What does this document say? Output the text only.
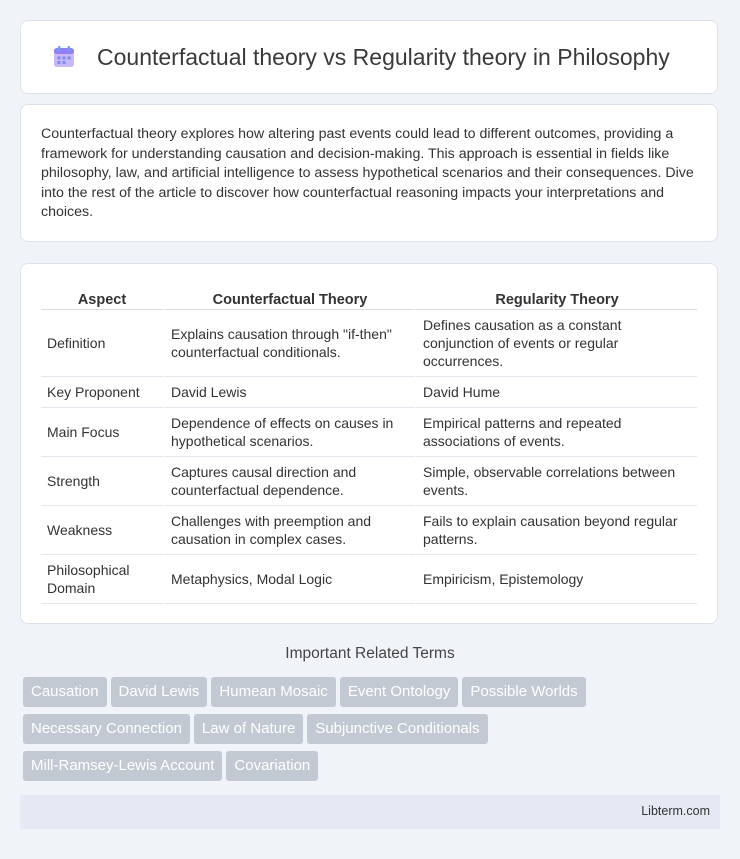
Counterfactual theory vs Regularity theory in Philosophy

Counterfactual theory explores how altering past events could lead to different outcomes, providing a framework for understanding causation and decision-making. This approach is essential in fields like philosophy, law, and artificial intelligence to assess hypothetical scenarios and their consequences. Dive into the rest of the article to discover how counterfactual reasoning impacts your interpretations and choices.

Aspect	Counterfactual Theory	Regularity Theory
Definition	Explains causation through "if-then" counterfactual conditionals.	Defines causation as a constant conjunction of events or regular occurrences.
Key Proponent	David Lewis	David Hume
Main Focus	Dependence of effects on causes in hypothetical scenarios.	Empirical patterns and repeated associations of events.
Strength	Captures causal direction and counterfactual dependence.	Simple, observable correlations between events.
Weakness	Challenges with preemption and causation in complex cases.	Fails to explain causation beyond regular patterns.
Philosophical Domain	Metaphysics, Modal Logic	Empiricism, Epistemology
Important Related Terms
Causation David Lewis Humean Mosaic Event Ontology Possible Worlds
Necessary Connection Law of Nature Subjunctive Conditionals
Mill-Ramsey-Lewis Account Covariation
Libterm.com
